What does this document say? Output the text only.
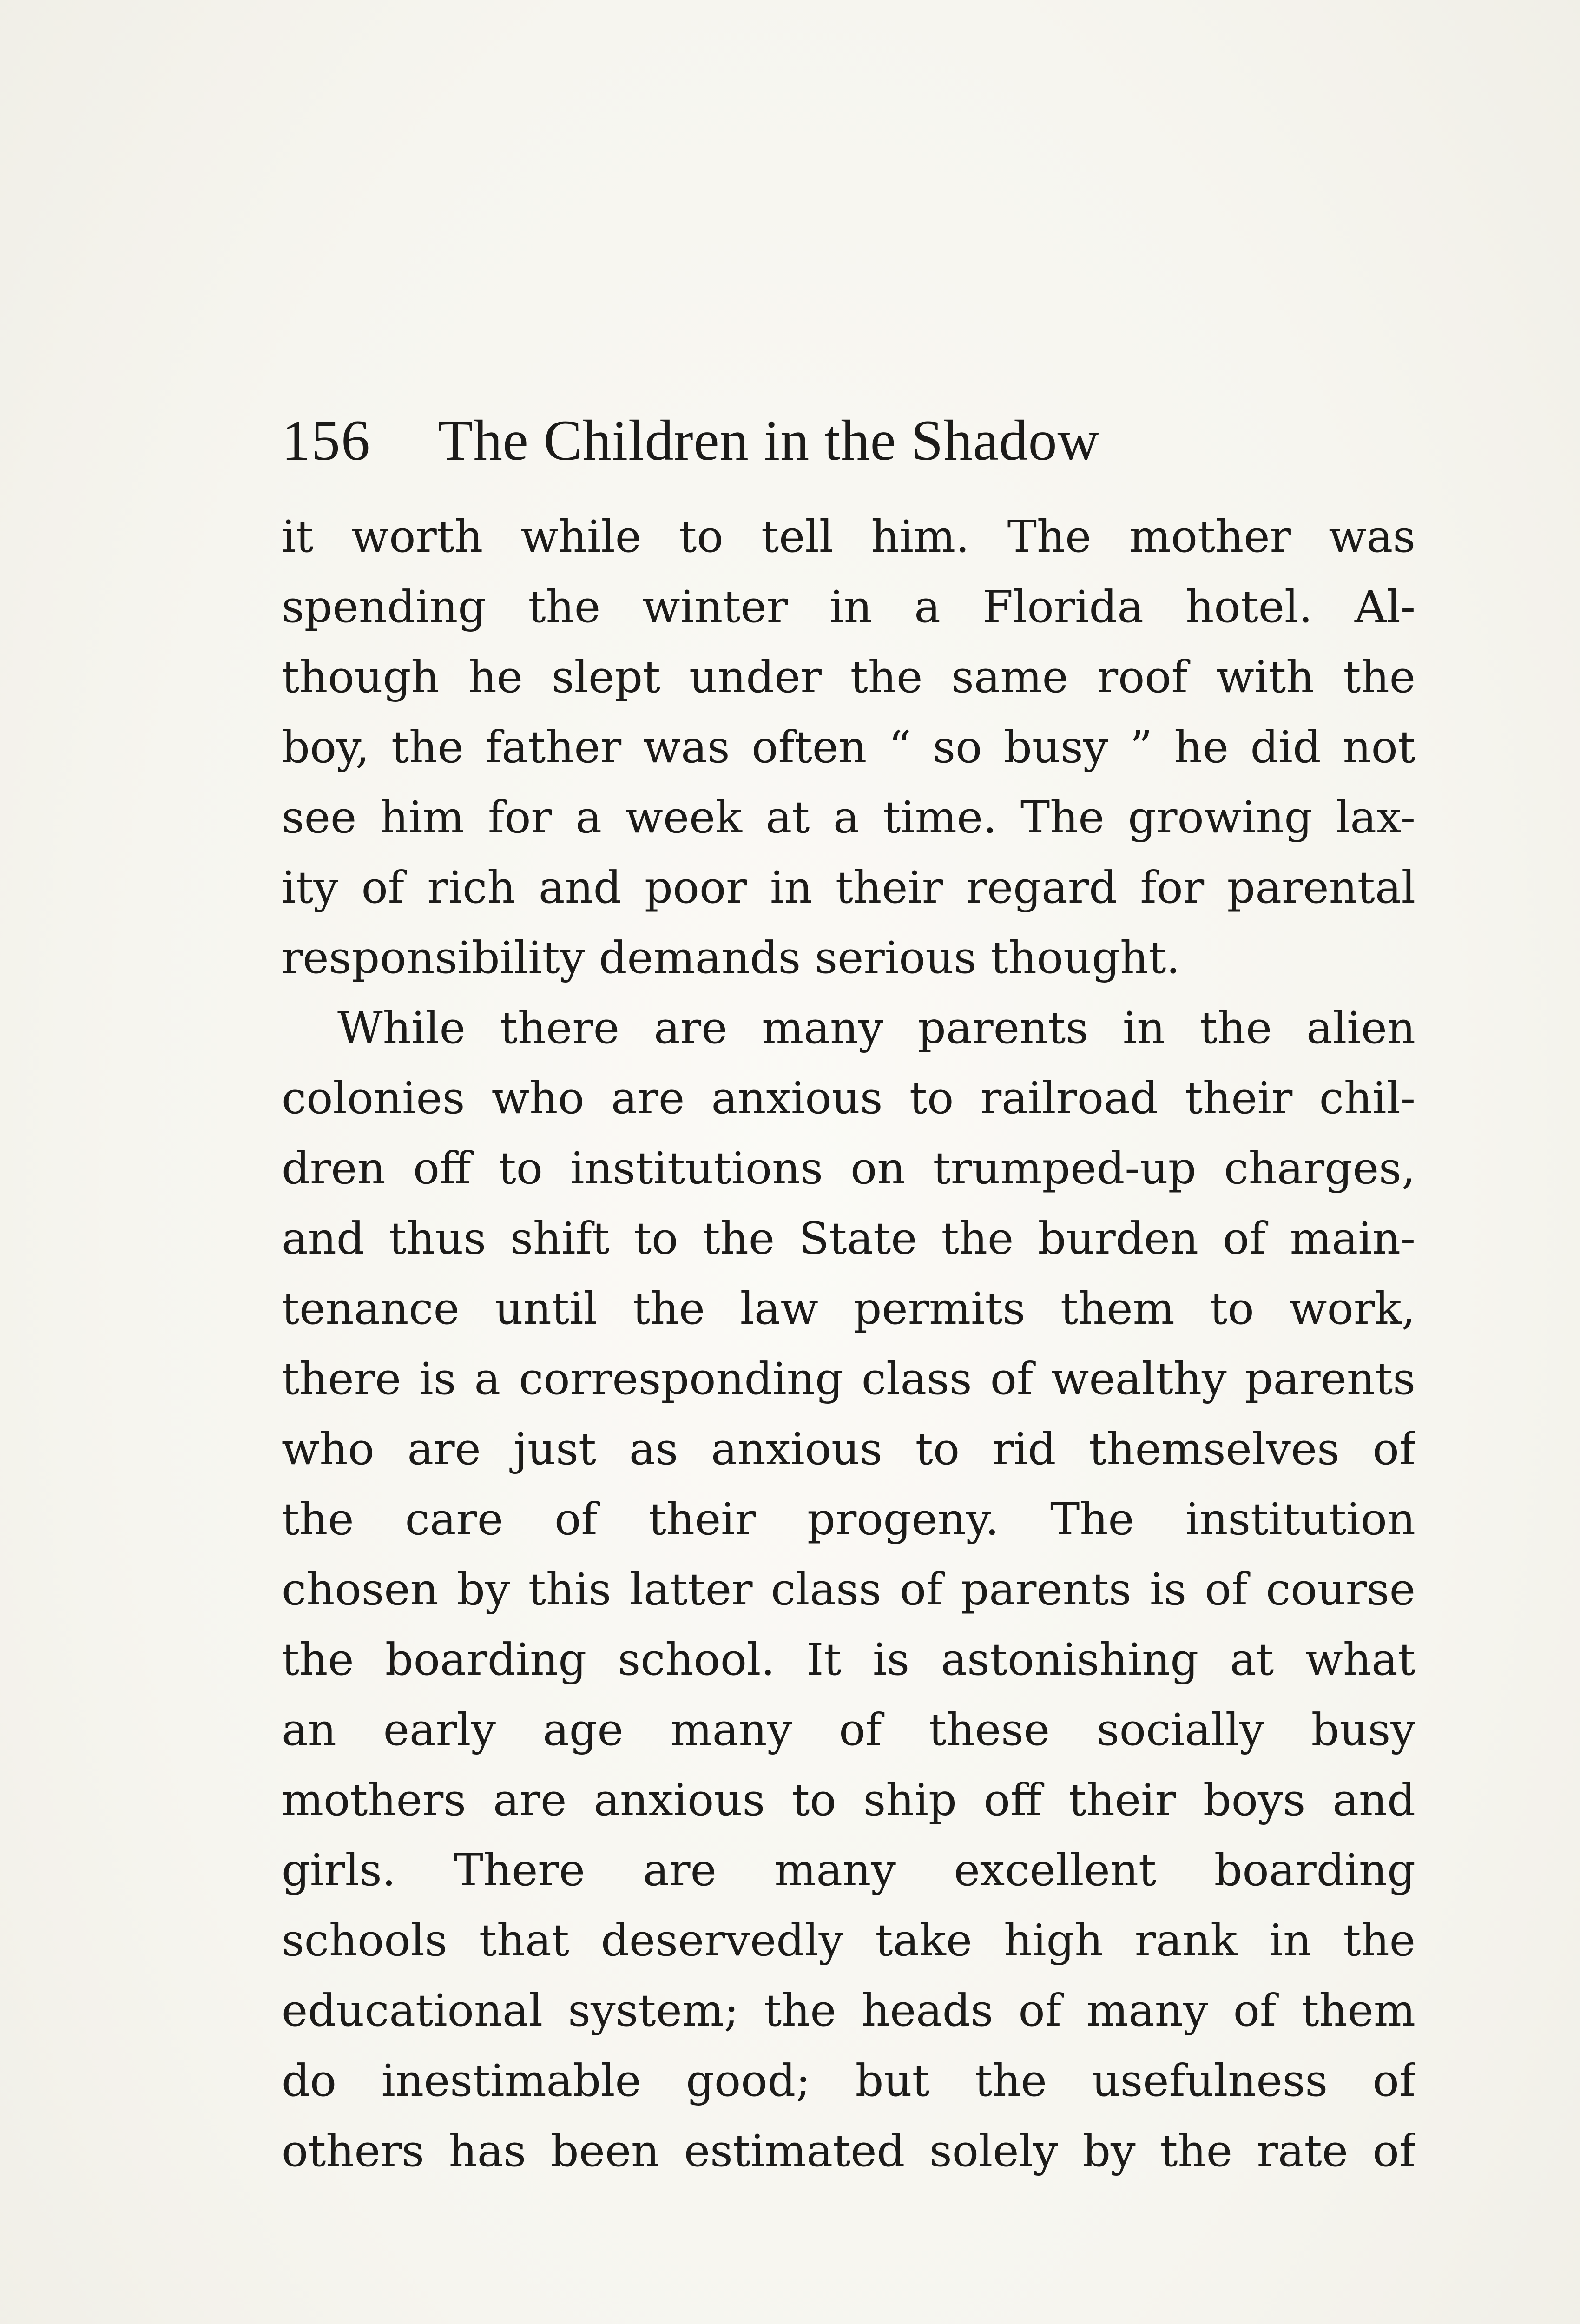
156 The Children in the Shadow
it worth while to tell him. The mother was
spending the winter in a Florida hotel. Al-
though he slept under the same roof with the
boy, the father was often “ so busy ” he did not
see him for a week at a time. The growing lax-
ity of rich and poor in their regard for parental
responsibility demands serious thought.
While there are many parents in the alien
colonies who are anxious to railroad their chil-
dren off to institutions on trumped-up charges,
and thus shift to the State the burden of main-
tenance until the law permits them to work,
there is a corresponding class of wealthy parents
who are just as anxious to rid themselves of
the care of their progeny. The institution
chosen by this latter class of parents is of course
the boarding school. It is astonishing at what
an early age many of these socially busy
mothers are anxious to ship off their boys and
girls. There are many excellent boarding
schools that deservedly take high rank in the
educational system; the heads of many of them
do inestimable good; but the usefulness of
others has been estimated solely by the rate of
